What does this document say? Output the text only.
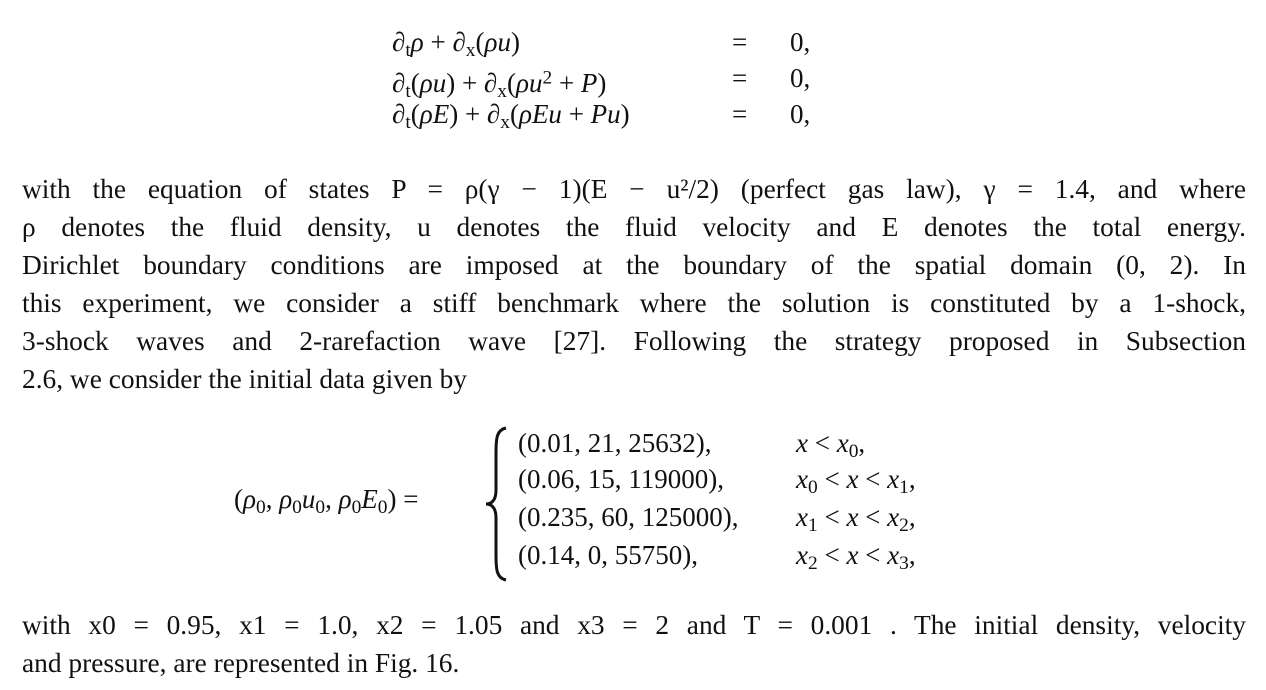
$\partial_t\rho + \partial_x(\rho u)$	= 0,
$\partial_t(\rho u) + \partial_x(\rho u^2 + P)$	= 0,
$\partial_t(\rho E) + \partial_x(\rho Eu + Pu)$	= 0,
with the equation of states P = ρ(γ − 1)(E − u²/2) (perfect gas law), γ = 1.4, and where
ρ denotes the fluid density, u denotes the fluid velocity and E denotes the total energy.
Dirichlet boundary conditions are imposed at the boundary of the spatial domain (0, 2). In
this experiment, we consider a stiff benchmark where the solution is constituted by a 1-shock,
3-shock waves and 2-rarefaction wave [27]. Following the strategy proposed in Subsection
2.6, we consider the initial data given by
($\rho_0$, $\rho_0u_0$, $\rho_0E_0$) =
(0.01, 21, 25632),	$x < x_0$,
(0.06, 15, 119000),	$x_0 < x < x_1$,
(0.235, 60, 125000), $x_1 < x < x_2$,
(0.14, 0, 55750),	$x_2 < x < x_3$,
with x0 = 0.95, x1 = 1.0, x2 = 1.05 and x3 = 2 and T = 0.001 . The initial density, velocity
and pressure, are represented in Fig. 16.
